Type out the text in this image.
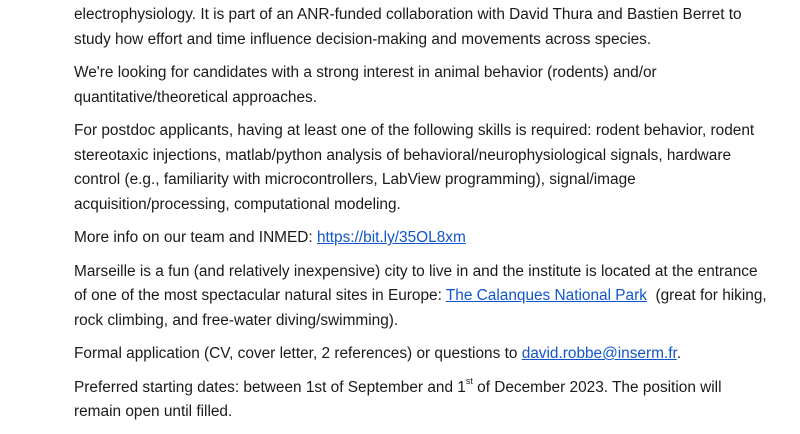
electrophysiology. It is part of an ANR-funded collaboration with David Thura and Bastien Berret to
study how effort and time influence decision-making and movements across species.

We're looking for candidates with a strong interest in animal behavior (rodents) and/or
quantitative/theoretical approaches.

For postdoc applicants, having at least one of the following skills is required: rodent behavior, rodent
stereotaxic injections, matlab/python analysis of behavioral/neurophysiological signals, hardware
control (e.g., familiarity with microcontrollers, LabView programming), signal/image
acquisition/processing, computational modeling.

More info on our team and INMED: https://bit.ly/35OL8xm

Marseille is a fun (and relatively inexpensive) city to live in and the institute is located at the entrance
of one of the most spectacular natural sites in Europe: The Calanques National Park  (great for hiking,
rock climbing, and free-water diving/swimming).

Formal application (CV, cover letter, 2 references) or questions to david.robbe@inserm.fr.

Preferred starting dates: between 1st of September and 1st of December 2023. The position will
remain open until filled.
